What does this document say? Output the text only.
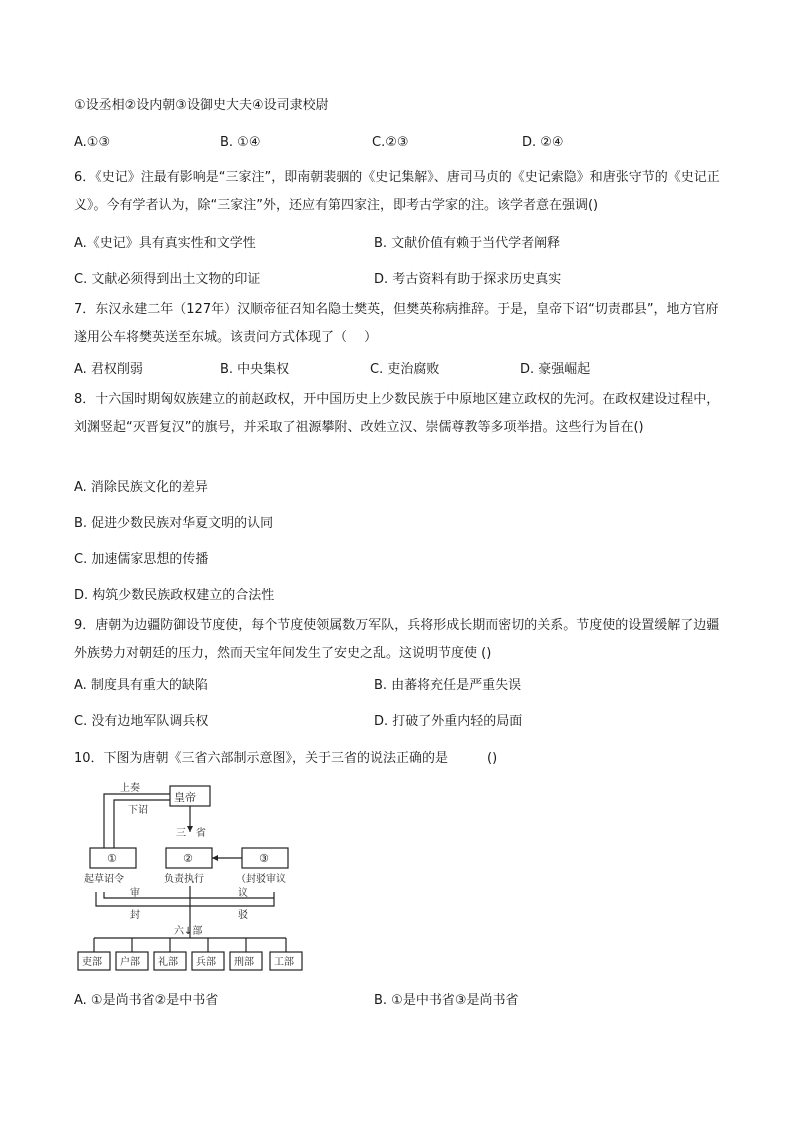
①设丞相②设内朝③设御史大夫④设司隶校尉
A.①③	B. ①④	C.②③	D. ②④
6．《史记》注最有影响是“三家注”，即南朝裴骃的《史记集解》、唐司马贞的《史记索隐》和唐张守节的《史记正义》。今有学者认为，除“三家注”外，还应有第四家注，即考古学家的注。该学者意在强调()
A.《史记》具有真实性和文学性	B. 文献价值有赖于当代学者阐释
C. 文献必须得到出土文物的印证	D. 考古资料有助于探求历史真实
7．东汉永建二年（127年）汉顺帝征召知名隐士樊英，但樊英称病推辞。于是，皇帝下诏“切责郡县”，地方官府遂用公车将樊英送至东城。该责问方式体现了（　 ）
A. 君权削弱	B. 中央集权	C. 吏治腐败	D. 豪强崛起
8．十六国时期匈奴族建立的前赵政权，开中国历史上少数民族于中原地区建立政权的先河。在政权建设过程中，刘渊竖起“灭晋复汉”的旗号，并采取了祖源攀附、改姓立汉、崇儒尊教等多项举措。这些行为旨在()
A. 消除民族文化的差异
B. 促进少数民族对华夏文明的认同
C. 加速儒家思想的传播
D. 构筑少数民族政权建立的合法性
9．唐朝为边疆防御设节度使，每个节度使领属数万军队，兵将形成长期而密切的关系。节度使的设置缓解了边疆外族势力对朝廷的压力，然而天宝年间发生了安史之乱。这说明节度使 ()
A. 制度具有重大的缺陷	B. 由蕃将充任是严重失误
C. 没有边地军队调兵权	D. 打破了外重内轻的局面
10．下图为唐朝《三省六部制示意图》，关于三省的说法正确的是　　　()
皇帝
上奏
下诏
三　省
①	②	③
起草诏令	负责执行	（封驳审议
审	议
封	驳
六↓部
吏部 户部 礼部 兵部 刑部 工部
A. ①是尚书省②是中书省	B. ①是中书省③是尚书省
